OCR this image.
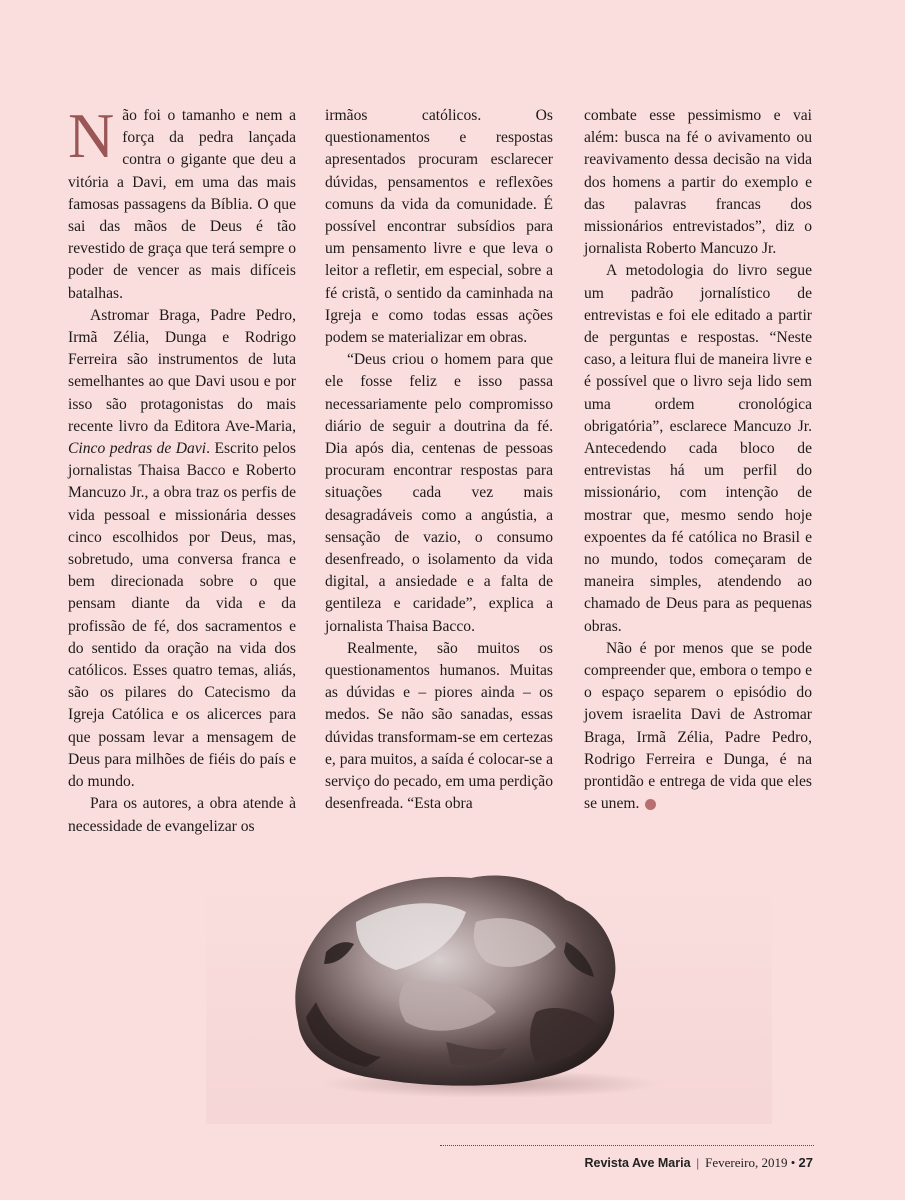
Não foi o tamanho e nem a força da pedra lançada contra o gigante que deu a vitória a Davi, em uma das mais famosas passagens da Bíblia. O que sai das mãos de Deus é tão revestido de graça que terá sempre o poder de vencer as mais difíceis batalhas.

Astromar Braga, Padre Pedro, Irmã Zélia, Dunga e Rodrigo Ferreira são instrumentos de luta semelhantes ao que Davi usou e por isso são protagonistas do mais recente livro da Editora Ave-Maria, Cinco pedras de Davi. Escrito pelos jornalistas Thaisa Bacco e Roberto Mancuzo Jr., a obra traz os perfis de vida pessoal e missionária desses cinco escolhidos por Deus, mas, sobretudo, uma conversa franca e bem direcionada sobre o que pensam diante da vida e da profissão de fé, dos sacramentos e do sentido da oração na vida dos católicos. Esses quatro temas, aliás, são os pilares do Catecismo da Igreja Católica e os alicerces para que possam levar a mensagem de Deus para milhões de fiéis do país e do mundo.

Para os autores, a obra atende à necessidade de evangelizar os

irmãos católicos. Os questionamentos e respostas apresentados procuram esclarecer dúvidas, pensamentos e reflexões comuns da vida da comunidade. É possível encontrar subsídios para um pensamento livre e que leva o leitor a refletir, em especial, sobre a fé cristã, o sentido da caminhada na Igreja e como todas essas ações podem se materializar em obras.

“Deus criou o homem para que ele fosse feliz e isso passa necessariamente pelo compromisso diário de seguir a doutrina da fé. Dia após dia, centenas de pessoas procuram encontrar respostas para situações cada vez mais desagradáveis como a angústia, a sensação de vazio, o consumo desenfreado, o isolamento da vida digital, a ansiedade e a falta de gentileza e caridade”, explica a jornalista Thaisa Bacco.

Realmente, são muitos os questionamentos humanos. Muitas as dúvidas e – piores ainda – os medos. Se não são sanadas, essas dúvidas transformam-se em certezas e, para muitos, a saída é colocar-se a serviço do pecado, em uma perdição desenfreada. “Esta obra

combate esse pessimismo e vai além: busca na fé o avivamento ou reavivamento dessa decisão na vida dos homens a partir do exemplo e das palavras francas dos missionários entrevistados”, diz o jornalista Roberto Mancuzo Jr.

A metodologia do livro segue um padrão jornalístico de entrevistas e foi ele editado a partir de perguntas e respostas. “Neste caso, a leitura flui de maneira livre e é possível que o livro seja lido sem uma ordem cronológica obrigatória”, esclarece Mancuzo Jr. Antecedendo cada bloco de entrevistas há um perfil do missionário, com intenção de mostrar que, mesmo sendo hoje expoentes da fé católica no Brasil e no mundo, todos começaram de maneira simples, atendendo ao chamado de Deus para as pequenas obras.

Não é por menos que se pode compreender que, embora o tempo e o espaço separem o episódio do jovem israelita Davi de Astromar Braga, Irmã Zélia, Padre Pedro, Rodrigo Ferreira e Dunga, é na prontidão e entrega de vida que eles se unem.

Revista Ave Maria | Fevereiro, 2019 • 27
